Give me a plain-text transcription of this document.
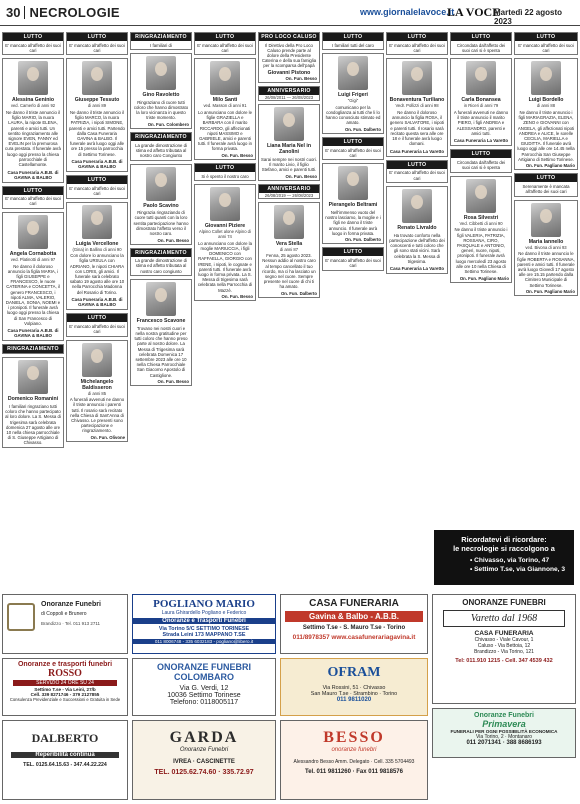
30 NECROLOGIE	www.giornalelavoce.it
LA VOCE
Martedì 22 agosto 2023
LUTTO
E' mancato all'affetto dei suoi cari
Alessina Geninio
ved. Camerlo di anni 92
Ne danno il triste annuncio il figlio MARIO, la nuora LAURA, la nipote ELENA, parenti e amici tutti. Un sentito ringraziamento alle signore EVEN, FANNY ed EVELIN per la premurosa cura prestata. Il funerale avrà luogo oggi presso la chiesa parrocchiale di Castellamonte.
Casa Funeraria A.B.B. di GAVINA & BALBO
LUTTO
E' mancato all'affetto dei suoi cari
Angela Cornabotta
ved. Platinotti di anni 97
Ne danno il doloroso annuncio la figlia MARIA, i figli GIUSEPPE e FRANCESCO, le nuore CATERINA e CONCETTA, il genero FRANCESCO, i nipoti ALMA, VALERIO, DANIELA, SONIA, NOEMI e i pronipoti. Il funerale avrà luogo oggi presso la chiesa di San Francesco di Volpiano.
Casa Funeraria A.B.B. di GAVINA & BALBO
RINGRAZIAMENTO
Domenico Romanini
I familiari ringraziano tutti coloro che hanno partecipato al loro dolore. La S. Messa di trigesima sarà celebrata domenica 27 agosto alle ore 10 nella chiesa parrocchiale di S. Giuseppe Artigiano di Chivasso.
LUTTO
E' mancato all'affetto dei suoi cari
Giuseppe Tessuto
di anni 89
Ne danno il triste annuncio il figlio MARCO, la nuora PATRIZIA, i nipoti SIMONE, parenti e amici tutti. Partendo dalla Casa Funeraria GAVINA & BALBO. Il funerale avrà luogo oggi alle ore 15 presso la parrocchia di Settimo Torinese.
Casa Funeraria A.B.B. di GAVINA & BALBO
LUTTO
E' mancato all'affetto dei suoi cari
Luigia Vercellone
(Gina) in Ballino di anni 90
Con dolore lo annunciano la figlia URSULA con ADRIANO, le nipoti CHIARA con LORIS, gli amici. Il funerale sarà celebrato sabato 19 agosto alle ore 10 nella Parrocchia Madonna del Rosario di Torino.
Casa Funeraria A.B.B. di GAVINA & BALBO
LUTTO
E' mancato all'affetto dei suoi cari
Michelangelo Baldisseron
di anni 85
A funerali avvenuti ne danno il triste annuncio i parenti tutti. Il rosario sarà recitato nella Chiesa di Sant'Anna di Chivasso. Le presenti sono partecipazione e ringraziamento.
On. Fun. Olivone
RINGRAZIAMENTO
I familiari di
Gino Ravoletto
Ringraziano di cuore tutti coloro che hanno dimostrato la loro vicinanza in questo triste momento.
On. Fun. Colombero
RINGRAZIAMENTO
La grande dimostrazione di stima ed affetto tributata al nostro caro Congiunto
Paolo Scavino
Ringrazia ringraziando di cuore tutti quanti con la loro sentita partecipazione hanno dimostrato l'affetto verso il nostro caro.
On. Fun. Besso
RINGRAZIAMENTO
La grande dimostrazione di stima ed affetto tributata al nostro caro congiunto
Francesco Scavone
Trovano nei nostri cuori e nella nostra gratitudine per tutti coloro che hanno preso parte al nostro dolore. La Messa di Trigesima sarà celebrata Domenica 17 settembre 2023 alle ore 10 nella Chiesa Parrocchiale San Giacomo Apostolo di Castiglione.
On. Fun. Besso
LUTTO
E' mancato all'affetto dei suoi cari
Milo Santi
ved. Masson di anni 91
Lo annunciano con dolore le figlie GRAZIELLA e BARBARA con il marito RICCARDO, gli affezionati nipoti MASSIMO e GABRIELE, amici e parenti tutti. Il funerale avrà luogo in forma privata.
On. Fun. Besso
LUTTO
Si è spento il nostro caro
Giovanni Piziere
Alpino Collet alone Alpino di anni 74
Lo annunciano con dolore la moglie MARIUCCIA, i figli DOMENICO con RAFFAELLA, GIORGIO con IRENE, i nipoti, le cognate e parenti tutti. Il funerale avrà luogo in forma privata. La S. Messa di trigesima sarà celebrata nella Parrocchia di Mazzè.
On. Fun. Besso
PRO LOCO CALUSO
Il Direttivo della Pro Loco Caluso prende parte al dolore della Presidente Caterina e della sua famiglia per la scomparsa dell'papà
Giovanni Pistono
On. Fun. Besso
ANNIVERSARIO
26/08/2011 — 26/08/2023
Liana Maria Nel in Zanolini
Sarai sempre nei nostri cuori. Il marito Livio, il figlio Stefano, amici e parenti tutti.
On. Fun. Besso
ANNIVERSARIO
26/08/2019 — 26/08/2023
Vera Stella
di anni 87
Fenna, 25 agosto 2023. Nessun addio al nostro caro al tempo cancellato il tuo ricordo, ma ci ha lasciato un segno nel cuore. Sempre presente nel cuore di chi ti ha amato.
On. Fun. Dalberto
LUTTO
I familiari tutti del caro
Luigi Frigeri
"Gigi"
comunicano per la condoglianza ai tutti che li lo hanno conosciuto stimato ed amato.
On. Fun. Dalberto
LUTTO
E' mancato all'affetto dei suoi cari
Pierangelo Beltrami
Nell'immenso vuoto del nostro lasciamo, la moglie e i figli ne danno il triste annuncio. Il funerale avrà luogo in forma privata.
On. Fun. Dalberto
LUTTO
E' mancato all'affetto dei suoi cari
LUTTO
E' mancato all'affetto dei suoi cari
Bonaventura Turiliano
Vedr. Pollizzi di anni 98
Ne danno il doloroso annuncio la figlia ROSA, il genero SALVATORE, i nipoti e parenti tutti. Il rosario sarà recitato questa sera alle ore 18 e il funerale avrà luogo domani.
Casa Funeraria La Varetto
LUTTO
E' mancato all'affetto dei suoi cari
Renato Livraldo
Ha trovato conforto nella partecipazione dell'affetto dei conoscenti e tutti coloro che gli sono stati vicini. Sarà celebrata la S. Messa di trigesima.
Casa Funeraria La Varetto
LUTTO
Circondata dall'affetto dei suoi cari si è spenta
Carla Bonansea
in Riceri di anni 79
A funerali avvenuti ne danno il triste annuncio il marito PIERO, i figli ANDREA e ALESSANDRO, parenti e amici tutti.
Casa Funeraria La Varetto
LUTTO
Circondata dall'affetto dei suoi cari si è spenta
Rosa Silvestri
Ved. Cibbetti di anni 90
Ne danno il triste annuncio i figli VALERIA, PATRIZIA, ROSSANA, CIRO, PASQUALE e ANTONIO, generi, nuore, nipoti, pronipoti. Il funerale avrà luogo mercoledì 23 agosto alle ore 10 nella Chiesa di Settimo Torinese.
On. Fun. Pagliano Mario
LUTTO
E' mancato all'affetto dei suoi cari
Luigi Bordello
di anni 88
Ne danno il triste annuncio i figli MARIAGRAZIA, ELENA, ZENO e GIOVANNI con ANGELA, gli affezionati nipoti ANDREA e ALICE, le sorelle CECILIA, MARIELLA e GIUDITTA. Il funerale avrà luogo oggi alle ore 14.45 nella Parrocchia San Giuseppe Artigiano di Settimo Torinese.
On. Fun. Pagliano Mario
LUTTO
Serenamente è mancata all'affetto dei suoi cari
Maria Iannello
ved. Bivona di anni 93
Ne danno il triste annuncio le figlie ROBERTA e ROSANNA, parenti e amici tutti. Il funerale avrà luogo Giovedì 17 agosto alle ore 15.15 partendo dalla Cimitero Municipale di Settimo Torinese.
On. Fun. Pagliano Mario
Ricordatevi di ricordare:
le necrologie si raccolgono a
• Chivasso, via Torino, 47
• Settimo T.se, via Giannone, 3
Onoranze Funebri
di Coppoli e Brunero
Brandizzo · Tel. 011 913 2711
POGLIANO MARIO
Laura Ghirardello Pogliano e Federico
Onoranze e Trasporti Funebri
Via Torino 5/C SETTIMO TORINESE
Strada Leinì 173 MAPPANO T.SE
011 8006748 - 335 6032183 - pogliano@libero.it
CASA FUNERARIA
Gavina & Balbo - A.B.B.
Settimo T.se - S. Mauro T.se - Torino
011/8978357 www.casafunerariagavina.it
ONORANZE FUNEBRI
Varetto dal 1968
CASA FUNERARIA
Chivasso - Viale Cavour, 1
Caluso - Via Bettoia, 12
Brandizzo - Via Torino, 121
Tel: 011.910 1215 - Cell. 347 4539 432
Onoranze e trasporti funebri
ROSSO
SERVIZIO 24 ORE SU 24
Settimo T.se - Via Leinì, 27/b
Cell. 339 8271746 - 379 2127855
Consulenza Previdenziale e Successioni e Gratuita in Sede
ONORANZE FUNEBRI
COLOMBARO
Via G. Verdi, 12
10036 Settimo Torinese
Telefono: 0118005117
OFRAM
Via Rossini, 51 · Chivasso
San Mauro T.se · Strambino · Torino
011 9811020
Onoranze Funebri
Primavera
FUNERALI PER OGNI POSSIBILITÀ ECONOMICA
Via Torino, 2 · Montanaro
011 2071341 · 388 8686193
DALBERTO
Reperibilità continua
TEL. 0125.64.15.63 - 347.44.22.224
GARDA
Onoranze Funebri
IVREA · CASCINETTE
TEL. 0125.62.74.60 · 335.72.97
BESSO
onoranze funebri
Alessandro Besso Amm. Delegato · Cell. 335 5704493
Tel. 011 9811260 · Fax 011 9818576
